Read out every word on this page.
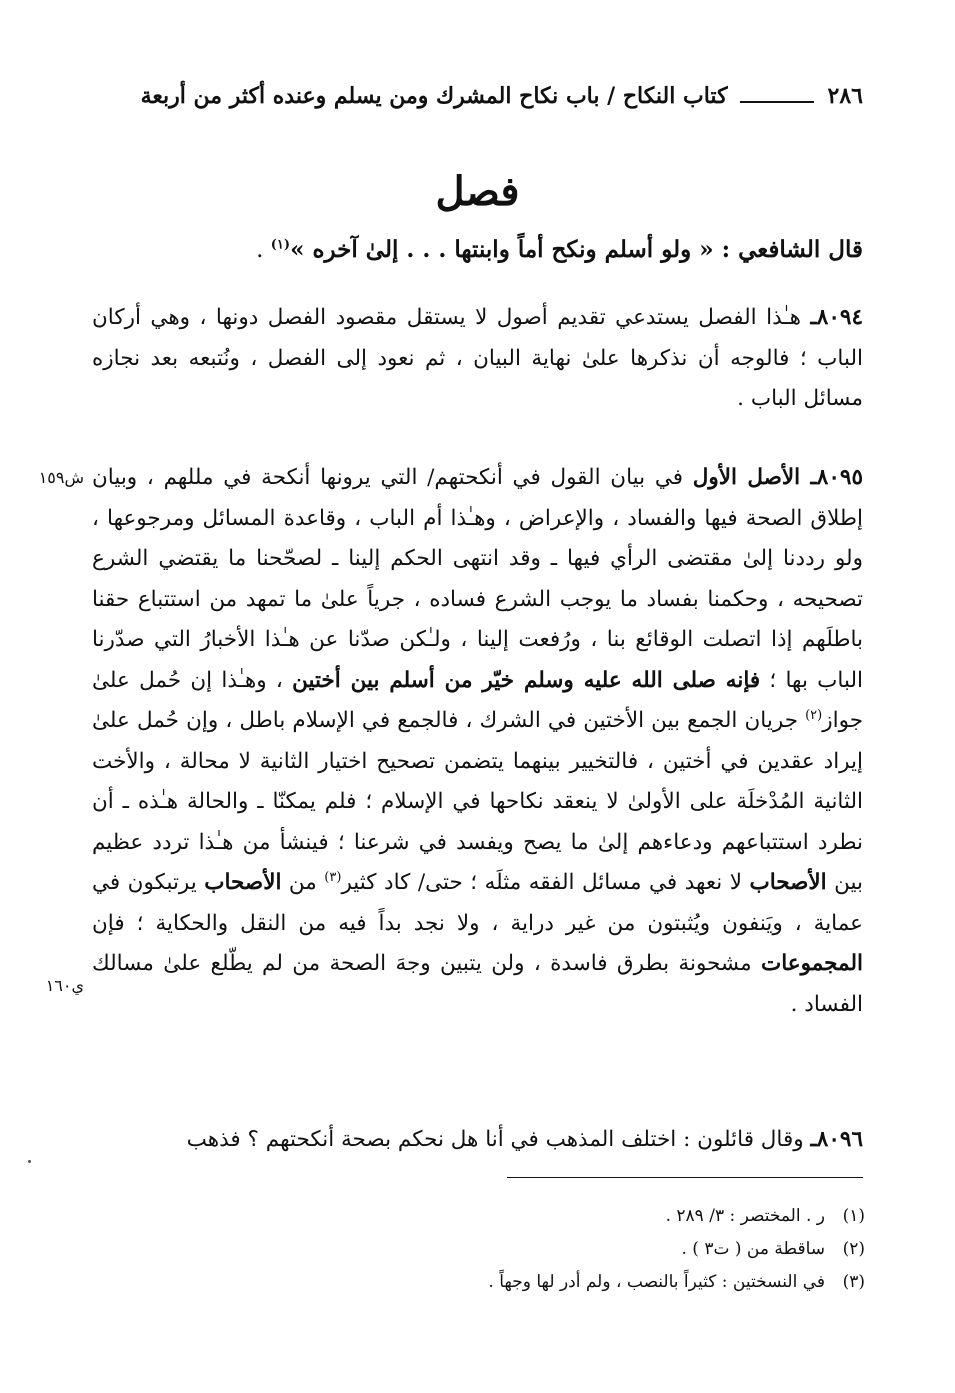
٢٨٦
كتاب النكاح / باب نكاح المشرك ومن يسلم وعنده أكثر من أربعة
فصل
قال الشافعي : « ولو أسلم ونكح أماً وابنتها . . . إلىٰ آخره »$^{(١)}$ .
٨٠٩٤ـ هـٰذا الفصل يستدعي تقديم أصول لا يستقل مقصود الفصل دونها ، وهي أركان الباب ؛ فالوجه أن نذكرها علىٰ نهاية البيان ، ثم نعود إلى الفصل ، ونُتبعه بعد نجازه مسائل الباب .
ش١٥٩	٨٠٩٥ـ الأصل الأول في بيان القول في أنكحتهم/ التي يرونها أنكحة في مللهم ، وبيان إطلاق الصحة فيها والفساد ، والإعراض ، وهـٰذا أم الباب ، وقاعدة المسائل ومرجوعها ، ولو رددنا إلىٰ مقتضى الرأي فيها ـ وقد انتهى الحكم إلينا ـ لصحّحنا ما يقتضي الشرع تصحيحه ، وحكمنا بفساد ما يوجب الشرع فساده ، جرياً علىٰ ما تمهد من استتباع حقنا باطلَهم إذا اتصلت الوقائع بنا ، ورُفعت إلينا ، ولـٰكن صدّنا عن هـٰذا الأخبارُ التي صدّرنا الباب بها ؛ فإنه صلى الله عليه وسلم خيّر من أسلم بين أختين ، وهـٰذا إن حُمل علىٰ جواز$^{(٢)}$ جريان الجمع بين الأختين في الشرك ، فالجمع في الإسلام باطل ، وإن حُمل علىٰ إيراد عقدين في أختين ، فالتخيير بينهما يتضمن تصحيح اختيار الثانية لا محالة ، والأخت الثانية المُدْخلَة على الأولىٰ لا ينعقد نكاحها في الإسلام ؛ فلم يمكنّا ـ والحالة هـٰذه ـ أن نطرد استتباعهم ودعاءهم إلىٰ ما يصح ويفسد في شرعنا ؛ فينشأ من هـٰذا تردد عظيم بين الأصحاب لا نعهد في مسائل الفقه مثلَه ؛ حتى/ كاد كثير$^{(٣)}$ من الأصحاب يرتبكون في عماية ، ويَنفون ويُثبتون من غير دراية ، ولا نجد بداً فيه من النقل والحكاية ؛ فإن المجموعات مشحونة بطرق فاسدة ، ولن يتبين وجهَ الصحة من لم يطّلع علىٰ مسالك الفساد .
ي١٦٠
٨٠٩٦ـ وقال قائلون : اختلف المذهب في أنا هل نحكم بصحة أنكحتهم ؟ فذهب
(١)ر . المختصر : ٣/ ٢٨٩ .
(٢)ساقطة من ( ت٣ ) .
(٣)في النسختين : كثيراً بالنصب ، ولم أدر لها وجهاً .
